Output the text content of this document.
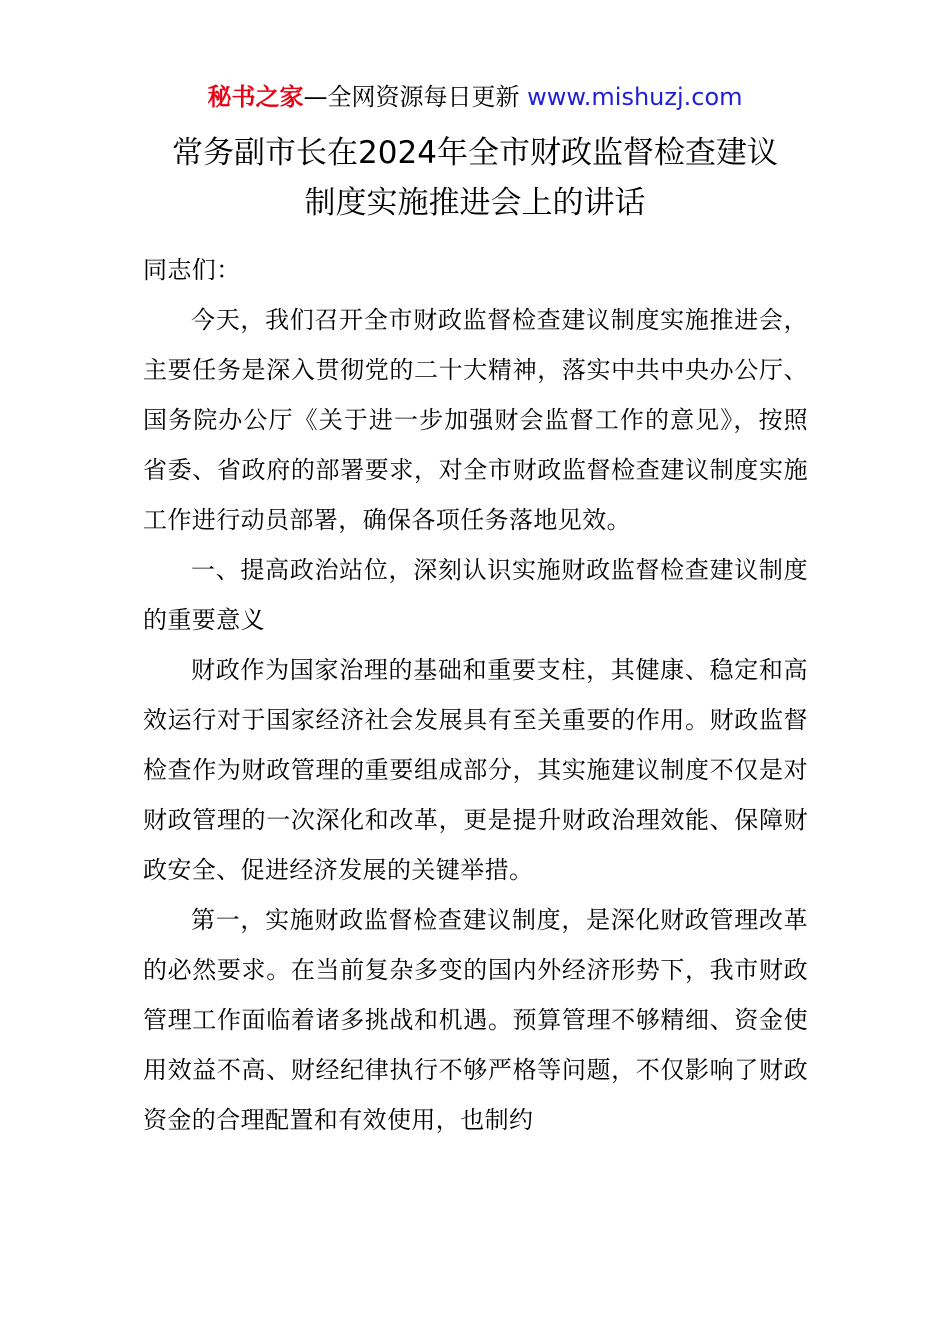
秘书之家—全网资源每日更新 www.mishuzj.com
常务副市长在2024年全市财政监督检查建议
制度实施推进会上的讲话

同志们：

今天，我们召开全市财政监督检查建议制度实施推进会，主要任务是深入贯彻党的二十大精神，落实中共中央办公厅、国务院办公厅《关于进一步加强财会监督工作的意见》，按照省委、省政府的部署要求，对全市财政监督检查建议制度实施工作进行动员部署，确保各项任务落地见效。

一、提高政治站位，深刻认识实施财政监督检查建议制度的重要意义

财政作为国家治理的基础和重要支柱，其健康、稳定和高效运行对于国家经济社会发展具有至关重要的作用。财政监督检查作为财政管理的重要组成部分，其实施建议制度不仅是对财政管理的一次深化和改革，更是提升财政治理效能、保障财政安全、促进经济发展的关键举措。

第一，实施财政监督检查建议制度，是深化财政管理改革的必然要求。在当前复杂多变的国内外经济形势下，我市财政管理工作面临着诸多挑战和机遇。预算管理不够精细、资金使用效益不高、财经纪律执行不够严格等问题，不仅影响了财政资金的合理配置和有效使用，也制约
